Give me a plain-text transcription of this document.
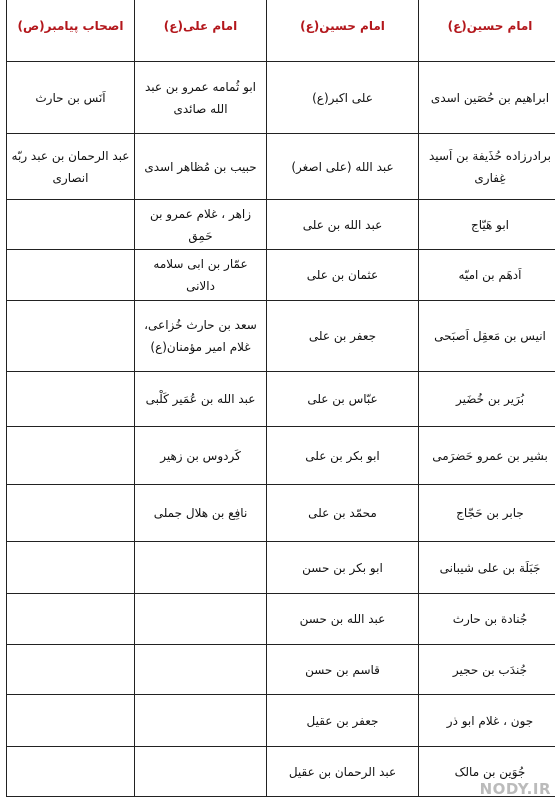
امام حسین(ع)	امام حسین(ع)	امام علی(ع)	اصحاب پیامبر(ص)
ابراهیم بن حُصَین اسدی	علی اکبر(ع)	ابو ثُمامه عمرو بن عبد الله صائدی	اَنَس بن حارث
برادرزاده حُذَیفة بن اَسید غِفاری	عبد الله (علی اصغر)	حبیب بن مُظاهر اسدی	عبد الرحمان بن عبد ربّه انصاری
ابو هَیّاج	عبد الله بن علی	زاهر ، غلام عمرو بن حَمِق	
اَدهَم بن امیّه	عثمان بن علی	عمّار بن ابی سلامه دالانی	
انیس بن مَعقِل اَصبَحی	جعفر بن علی	سعد بن حارث خُزاعی، غلام امیر مؤمنان(ع)	
بُرَیر بن خُضَیر	عبّاس بن علی	عبد الله بن عُمَیر کَلْبی	
بشیر بن عمرو حَضرَمی	ابو بکر بن علی	کَردوس بن زهیر	
جابر بن حَجّاج	محمّد بن علی	نافِع بن هلال جملی	
جَبَلَة بن علی شیبانی	ابو بکر بن حسن		
جُنادة بن حارث	عبد الله بن حسن		
جُندَب بن حجیر	قاسم بن حسن		
جون ، غلام ابو ذر	جعفر بن عقیل		
جُوَین بن مالک	عبد الرحمان بن عقیل		
NODY.IR
